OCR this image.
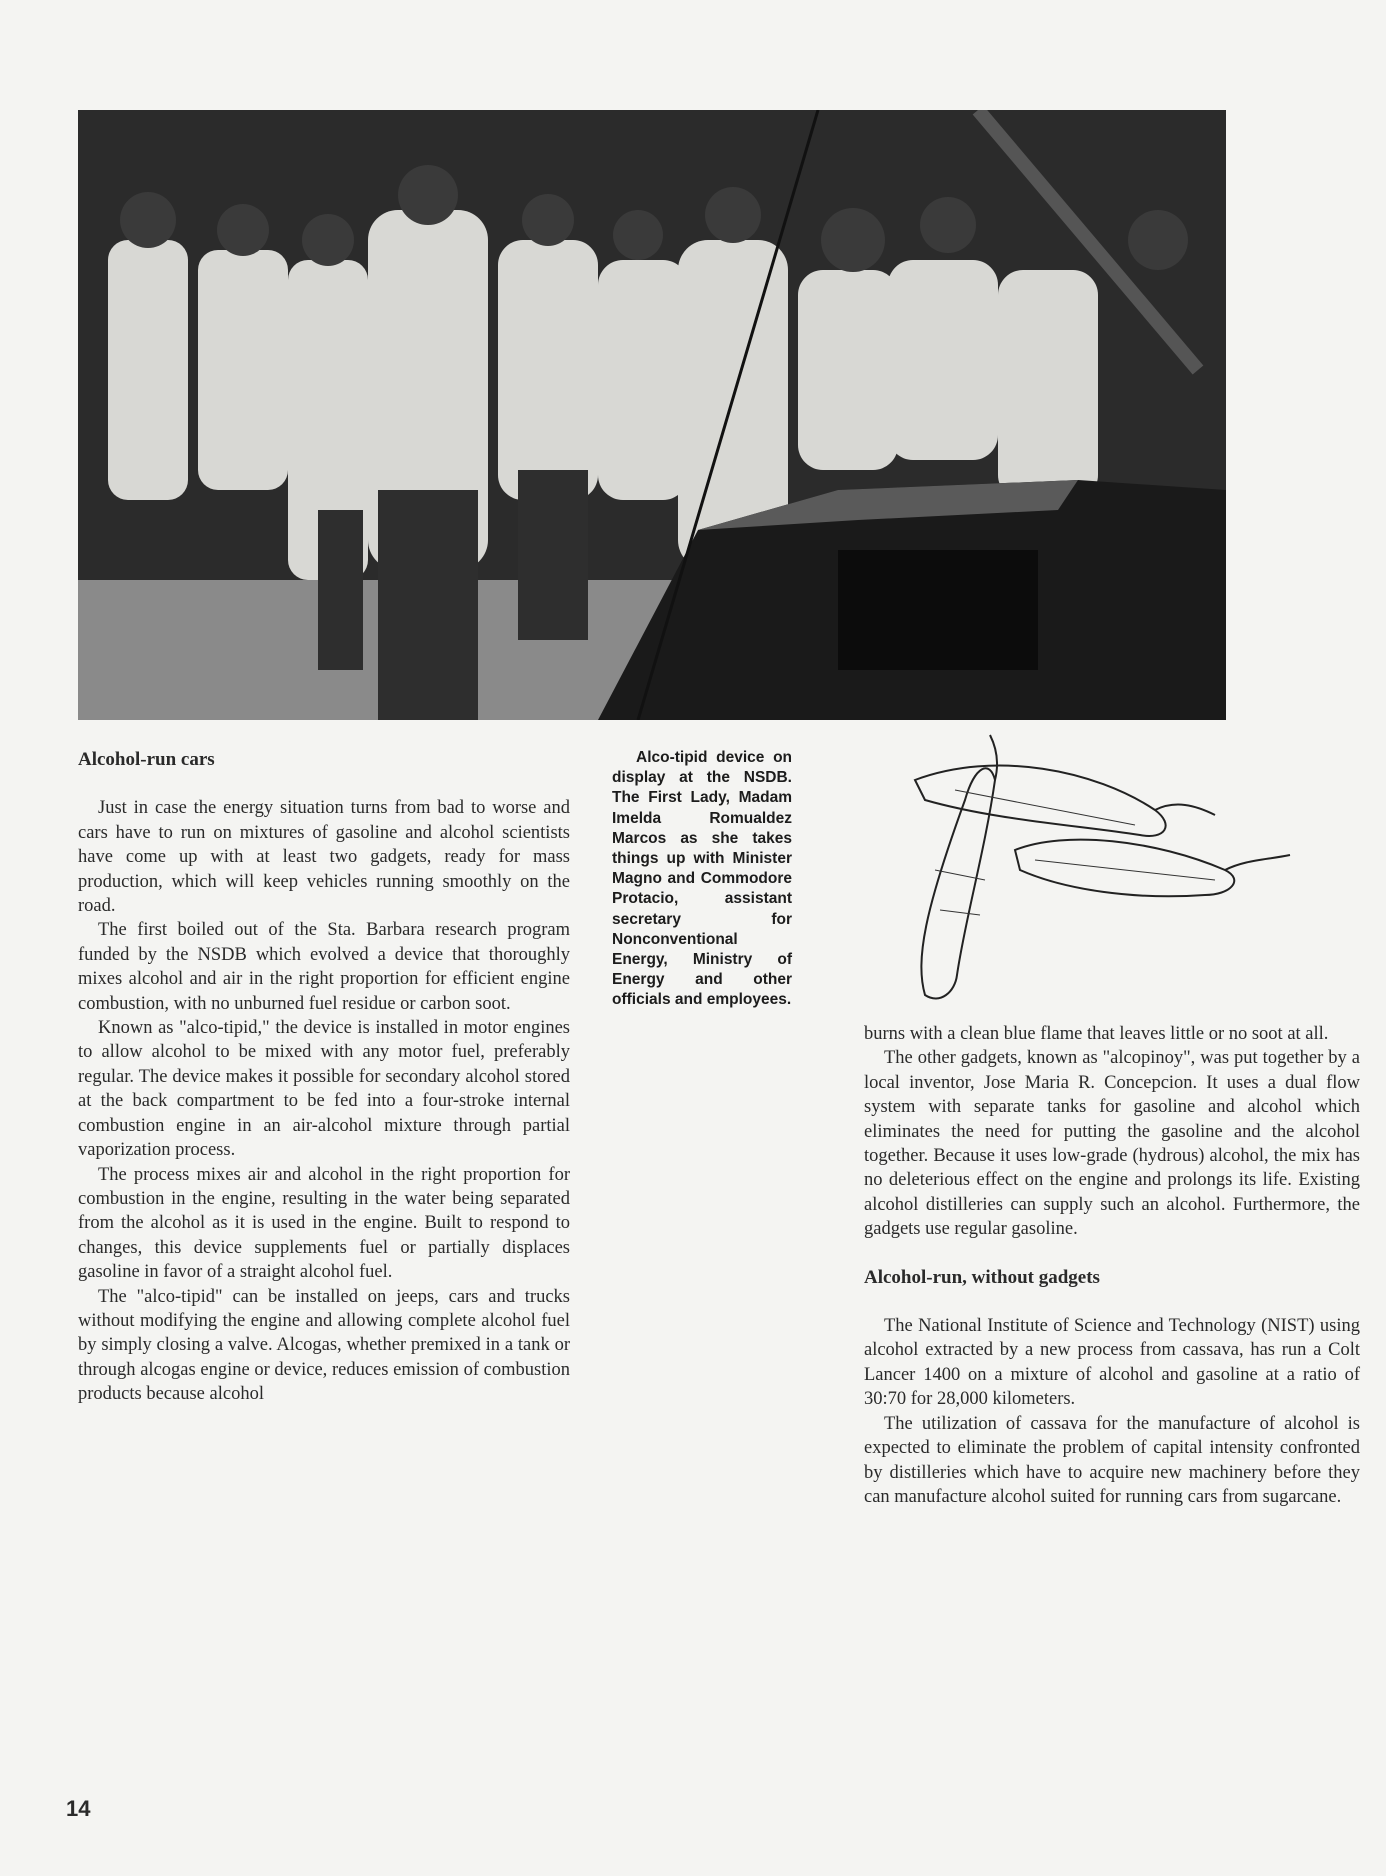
Alcohol-run cars

Just in case the energy situation turns from bad to worse and cars have to run on mixtures of gasoline and alcohol scientists have come up with at least two gadgets, ready for mass production, which will keep vehicles running smoothly on the road.

The first boiled out of the Sta. Barbara research program funded by the NSDB which evolved a device that thoroughly mixes alcohol and air in the right proportion for efficient engine combustion, with no unburned fuel residue or carbon soot.

Known as "alco-tipid," the device is installed in motor engines to allow alcohol to be mixed with any motor fuel, preferably regular. The device makes it possible for secondary alcohol stored at the back compartment to be fed into a four-stroke internal combustion engine in an air-alcohol mixture through partial vaporization process.

The process mixes air and alcohol in the right proportion for combustion in the engine, resulting in the water being separated from the alcohol as it is used in the engine. Built to respond to changes, this device supplements fuel or partially displaces gasoline in favor of a straight alcohol fuel.

The "alco-tipid" can be installed on jeeps, cars and trucks without modifying the engine and allowing complete alcohol fuel by simply closing a valve. Alcogas, whether premixed in a tank or through alcogas engine or device, reduces emission of combustion products because alcohol

Alco-tipid device on display at the NSDB. The First Lady, Madam Imelda Romualdez Marcos as she takes things up with Minister Magno and Commodore Protacio, assistant secretary for Nonconventional Energy, Ministry of Energy and other officials and employees.

burns with a clean blue flame that leaves little or no soot at all.

The other gadgets, known as "alcopinoy", was put together by a local inventor, Jose Maria R. Concepcion. It uses a dual flow system with separate tanks for gasoline and alcohol which eliminates the need for putting the gasoline and the alcohol together. Because it uses low-grade (hydrous) alcohol, the mix has no deleterious effect on the engine and prolongs its life. Existing alcohol distilleries can supply such an alcohol. Furthermore, the gadgets use regular gasoline.

Alcohol-run, without gadgets

The National Institute of Science and Technology (NIST) using alcohol extracted by a new process from cassava, has run a Colt Lancer 1400 on a mixture of alcohol and gasoline at a ratio of 30:70 for 28,000 kilometers.

The utilization of cassava for the manufacture of alcohol is expected to eliminate the problem of capital intensity confronted by distilleries which have to acquire new machinery before they can manufacture alcohol suited for running cars from sugarcane.

14
